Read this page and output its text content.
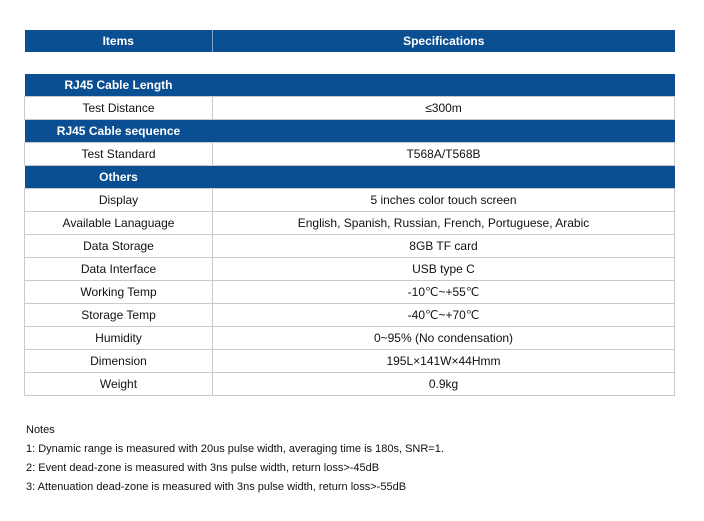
Items	Specifications

RJ45 Cable Length	
Test Distance	≤300m
RJ45 Cable sequence	
Test Standard	T568A/T568B
Others	
Display	5 inches color touch screen
Available Lanaguage	English, Spanish, Russian, French, Portuguese, Arabic
Data Storage	8GB TF card
Data Interface	USB type C
Working Temp	-10℃~+55℃
Storage Temp	-40℃~+70℃
Humidity	0~95% (No condensation)
Dimension	195L×141W×44Hmm
Weight	0.9kg
Notes
1: Dynamic range is measured with 20us pulse width, averaging time is 180s, SNR=1.
2: Event dead-zone is measured with 3ns pulse width, return loss>-45dB
3: Attenuation dead-zone is measured with 3ns pulse width, return loss>-55dB
